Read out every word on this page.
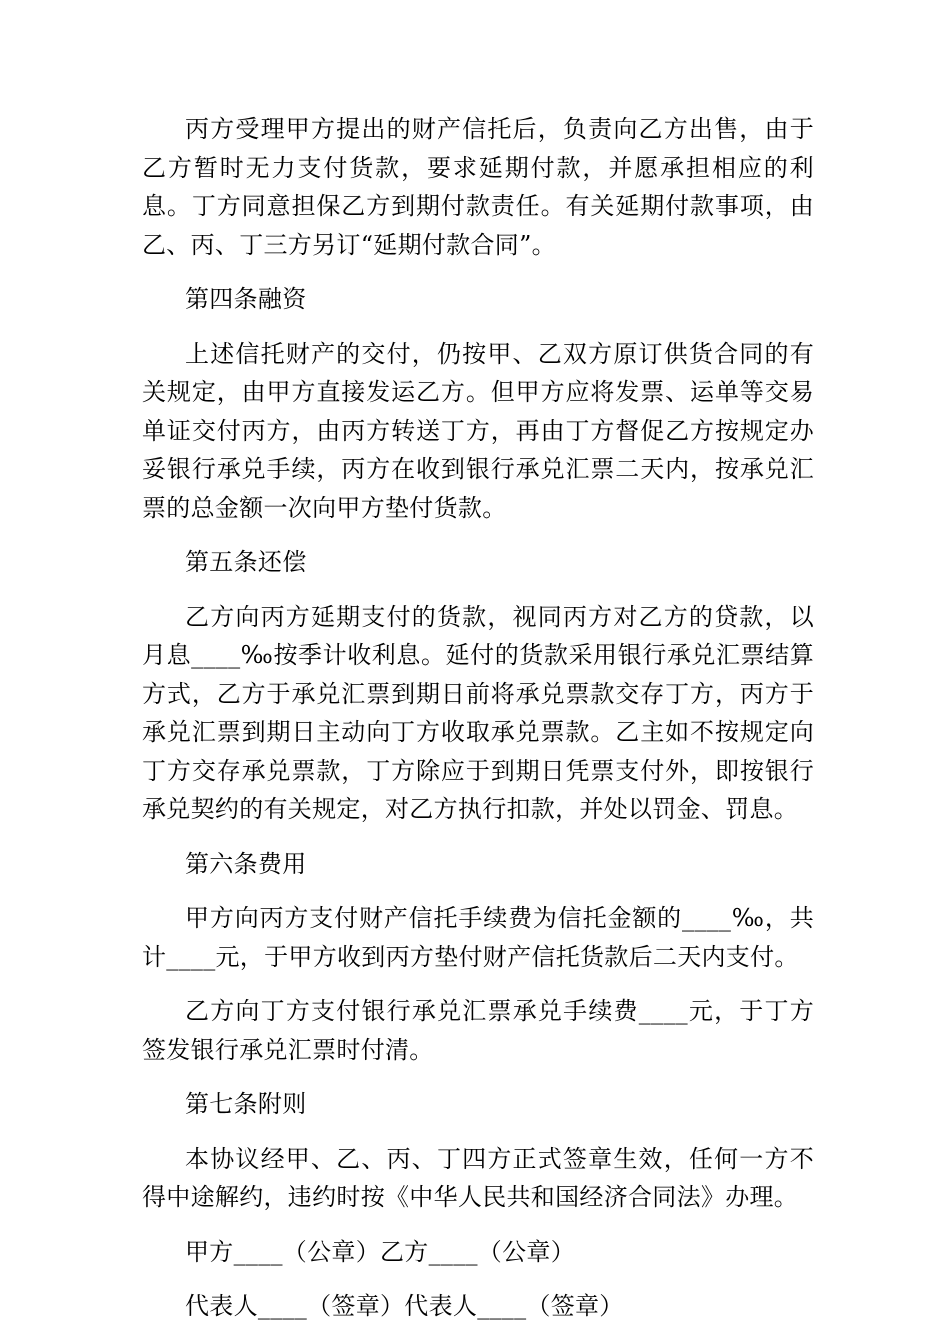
丙方受理甲方提出的财产信托后，负责向乙方出售，由于乙方暂时无力支付货款，要求延期付款，并愿承担相应的利息。丁方同意担保乙方到期付款责任。有关延期付款事项，由乙、丙、丁三方另订“延期付款合同”。

第四条融资

上述信托财产的交付，仍按甲、乙双方原订供货合同的有关规定，由甲方直接发运乙方。但甲方应将发票、运单等交易单证交付丙方，由丙方转送丁方，再由丁方督促乙方按规定办妥银行承兑手续，丙方在收到银行承兑汇票二天内，按承兑汇票的总金额一次向甲方垫付货款。

第五条还偿

乙方向丙方延期支付的货款，视同丙方对乙方的贷款，以月息____‰按季计收利息。延付的货款采用银行承兑汇票结算方式，乙方于承兑汇票到期日前将承兑票款交存丁方，丙方于承兑汇票到期日主动向丁方收取承兑票款。乙主如不按规定向丁方交存承兑票款，丁方除应于到期日凭票支付外，即按银行承兑契约的有关规定，对乙方执行扣款，并处以罚金、罚息。

第六条费用

甲方向丙方支付财产信托手续费为信托金额的____‰，共计____元，于甲方收到丙方垫付财产信托货款后二天内支付。

乙方向丁方支付银行承兑汇票承兑手续费____元，于丁方签发银行承兑汇票时付清。

第七条附则

本协议经甲、乙、丙、丁四方正式签章生效，任何一方不得中途解约，违约时按《中华人民共和国经济合同法》办理。

甲方____（公章）乙方____（公章）

代表人____（签章）代表人____（签章）
